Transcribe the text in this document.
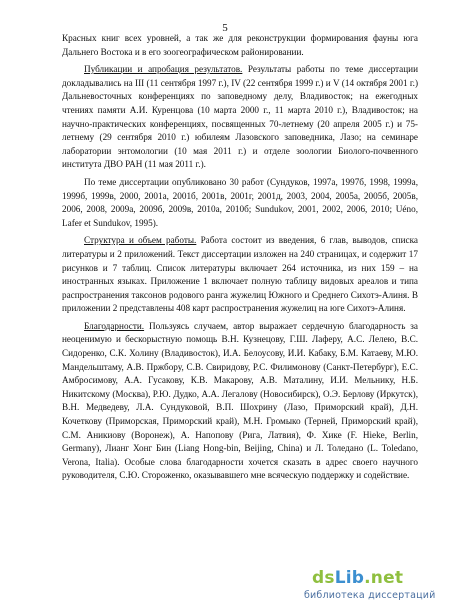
5

Красных книг всех уровней, а так же для реконструкции формирования фауны юга Дальнего Востока и в его зоогеографическом районировании.

Публикации и апробация результатов. Результаты работы по теме диссертации докладывались на III (11 сентября 1997 г.), IV (22 сентября 1999 г.) и V (14 октября 2001 г.) Дальневосточных конференциях по заповедному делу, Владивосток; на ежегодных чтениях памяти А.И. Куренцова (10 марта 2000 г., 11 марта 2010 г.), Владивосток; на научно-практических конференциях, посвященных 70-летнему (20 апреля 2005 г.) и 75-летнему (29 сентября 2010 г.) юбилеям Лазовского заповедника, Лазо; на семинаре лаборатории энтомологии (10 мая 2011 г.) и отделе зоологии Биолого-почвенного института ДВО РАН (11 мая 2011 г.).

По теме диссертации опубликовано 30 работ (Сундуков, 1997а, 1997б, 1998, 1999а, 1999б, 1999в, 2000, 2001а, 2001б, 2001в, 2001г, 2001д, 2003, 2004, 2005а, 2005б, 2005в, 2006, 2008, 2009а, 2009б, 2009в, 2010а, 2010б; Sundukov, 2001, 2002, 2006, 2010; Uéno, Lafer et Sundukov, 1995).

Структура и объем работы. Работа состоит из введения, 6 глав, выводов, списка литературы и 2 приложений. Текст диссертации изложен на 240 страницах, и содержит 17 рисунков и 7 таблиц. Список литературы включает 264 источника, из них 159 – на иностранных языках. Приложение 1 включает полную таблицу видовых ареалов и типа распространения таксонов родового ранга жужелиц Южного и Среднего Сихотэ-Алиня. В приложении 2 представлены 408 карт распространения жужелиц на юге Сихотэ-Алиня.

Благодарности. Пользуясь случаем, автор выражает сердечную благодарность за неоценимую и бескорыстную помощь В.Н. Кузнецову, Г.Ш. Лаферу, А.С. Лелею, В.С. Сидоренко, С.К. Холину (Владивосток), И.А. Белоусову, И.И. Кабаку, Б.М. Катаеву, М.Ю. Мандельштаму, А.В. Пржбору, С.В. Свиридову, Р.С. Филимонову (Санкт-Петербург), Е.С. Амбросимову, А.А. Гусакову, К.В. Макарову, А.В. Маталину, И.И. Мельнику, Н.Б. Никитскому (Москва), Р.Ю. Дудко, А.А. Легалову (Новосибирск), О.Э. Берлову (Иркутск), В.Н. Медведеву, Л.А. Сундуковой, В.П. Шохрину (Лазо, Приморский край), Д.Н. Кочеткову (Приморская, Приморский край), М.Н. Громыко (Терней, Приморский край), С.М. Аникиову (Воронеж), А. Напопову (Рига, Латвия), Ф. Хике (F. Hieke, Berlin, Germany), Лианг Хонг Бин (Liang Hong-bin, Beijing, China) и Л. Толедано (L. Toledano, Verona, Italia). Особые слова благодарности хочется сказать в адрес своего научного руководителя, С.Ю. Стороженко, оказывавшего мне всяческую поддержку и содействие.

dsLib.net
библиотека диссертаций
